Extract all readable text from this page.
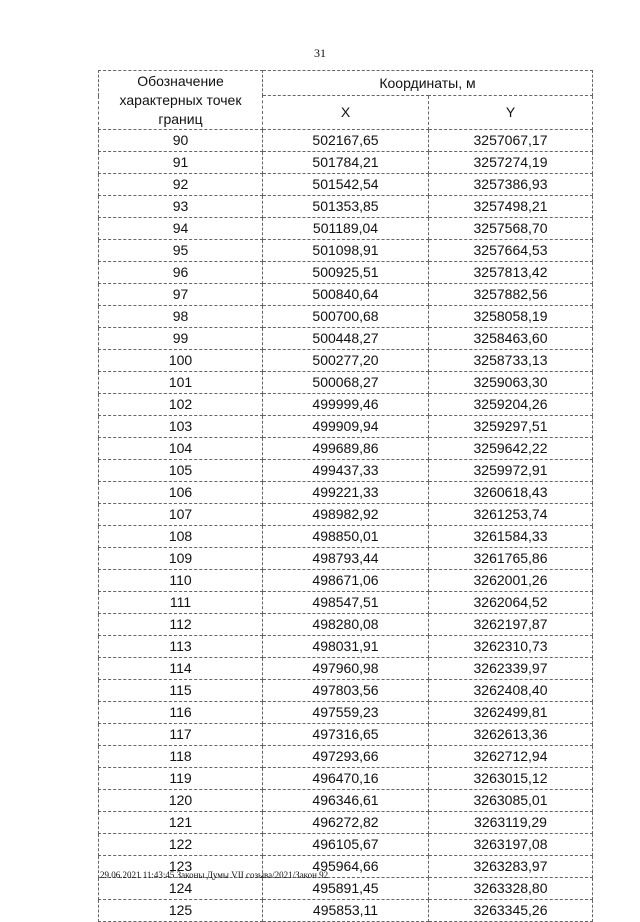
31
Обозначение характерных точек границ	Координаты, м	
	X	Y
90	502167,65	3257067,17
91	501784,21	3257274,19
92	501542,54	3257386,93
93	501353,85	3257498,21
94	501189,04	3257568,70
95	501098,91	3257664,53
96	500925,51	3257813,42
97	500840,64	3257882,56
98	500700,68	3258058,19
99	500448,27	3258463,60
100	500277,20	3258733,13
101	500068,27	3259063,30
102	499999,46	3259204,26
103	499909,94	3259297,51
104	499689,86	3259642,22
105	499437,33	3259972,91
106	499221,33	3260618,43
107	498982,92	3261253,74
108	498850,01	3261584,33
109	498793,44	3261765,86
110	498671,06	3262001,26
111	498547,51	3262064,52
112	498280,08	3262197,87
113	498031,91	3262310,73
114	497960,98	3262339,97
115	497803,56	3262408,40
116	497559,23	3262499,81
117	497316,65	3262613,36
118	497293,66	3262712,94
119	496470,16	3263015,12
120	496346,61	3263085,01
121	496272,82	3263119,29
122	496105,67	3263197,08
123	495964,66	3263283,97
124	495891,45	3263328,80
125	495853,11	3263345,26
29.06.2021 11:43:45 Законы Думы VII созыва/2021/Закон 92
